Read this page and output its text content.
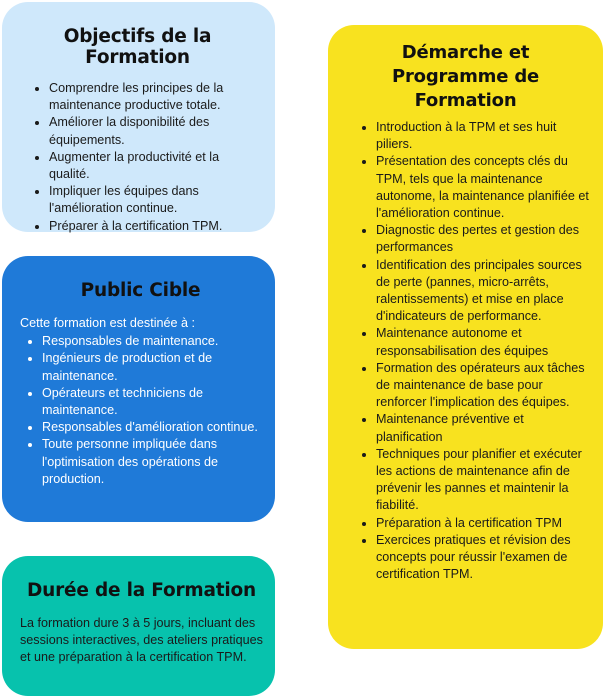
Objectifs de la Formation
• Comprendre les principes de la maintenance productive totale.
• Améliorer la disponibilité des équipements.
• Augmenter la productivité et la qualité.
• Impliquer les équipes dans l'amélioration continue.
• Préparer à la certification TPM.
Public Cible

Cette formation est destinée à :

• Responsables de maintenance.
• Ingénieurs de production et de maintenance.
• Opérateurs et techniciens de maintenance.
• Responsables d'amélioration continue.
• Toute personne impliquée dans l'optimisation des opérations de production.
Durée de la Formation

La formation dure 3 à 5 jours, incluant des sessions interactives, des ateliers pratiques et une préparation à la certification TPM.

Démarche et Programme de Formation
• Introduction à la TPM et ses huit piliers.
• Présentation des concepts clés du TPM, tels que la maintenance autonome, la maintenance planifiée et l'amélioration continue.
• Diagnostic des pertes et gestion des performances
• Identification des principales sources de perte (pannes, micro-arrêts, ralentissements) et mise en place d'indicateurs de performance.
• Maintenance autonome et responsabilisation des équipes
• Formation des opérateurs aux tâches de maintenance de base pour renforcer l'implication des équipes.
• Maintenance préventive et planification
• Techniques pour planifier et exécuter les actions de maintenance afin de prévenir les pannes et maintenir la fiabilité.
• Préparation à la certification TPM
• Exercices pratiques et révision des concepts pour réussir l'examen de certification TPM.
